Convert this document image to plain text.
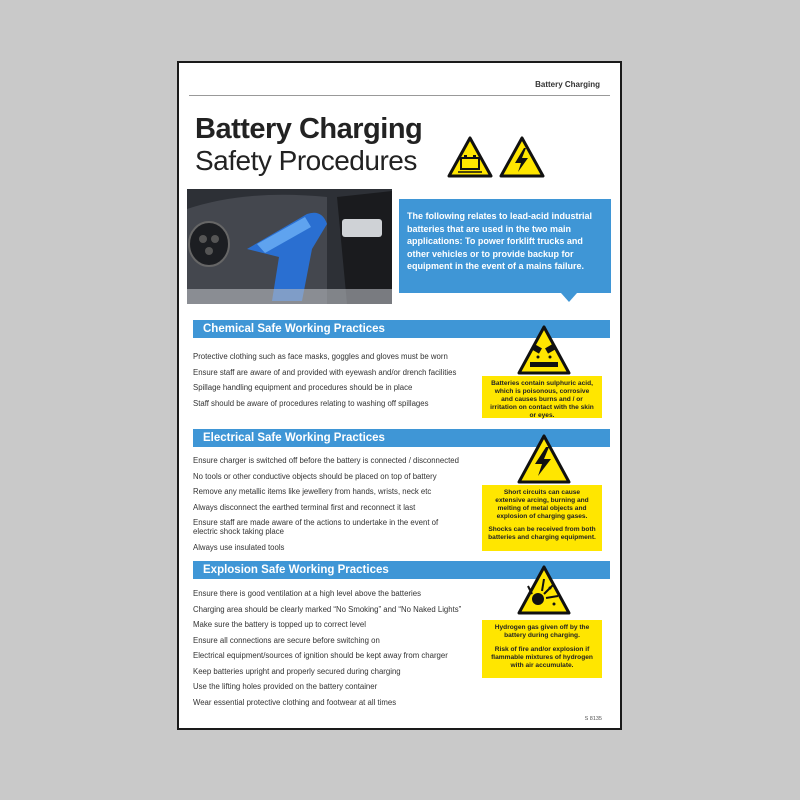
Battery Charging
Battery Charging
Safety Procedures
The following relates to lead-acid industrial batteries that are used in the two main applications: To power forklift trucks and other vehicles or to provide backup for equipment in the event of a mains failure.
Chemical Safe Working Practices
Protective clothing such as face masks, goggles and gloves must be worn
Ensure staff are aware of and provided with eyewash and/or drench facilities
Spillage handling equipment and procedures should be in place
Staff should be aware of procedures relating to washing off spillages

Batteries contain sulphuric acid, which is poisonous, corrosive and causes burns and / or irritation on contact with the skin or eyes.

Electrical Safe Working Practices
Ensure charger is switched off before the battery is connected / disconnected
No tools or other conductive objects should be placed on top of battery
Remove any metallic items like jewellery from hands, wrists, neck etc
Always disconnect the earthed terminal first and reconnect it last
Ensure staff are made aware of the actions to undertake in the event of electric shock taking place
Always use insulated tools

Short circuits can cause extensive arcing, burning and melting of metal objects and explosion of charging gases.

Shocks can be received from both batteries and charging equipment.

Explosion Safe Working Practices
Ensure there is good ventilation at a high level above the batteries
Charging area should be clearly marked “No Smoking” and “No Naked Lights”
Make sure the battery is topped up to correct level
Ensure all connections are secure before switching on
Electrical equipment/sources of ignition should be kept away from charger
Keep batteries upright and properly secured during charging
Use the lifting holes provided on the battery container
Wear essential protective clothing and footwear at all times

Hydrogen gas given off by the battery during charging.

Risk of fire and/or explosion if flammable mixtures of hydrogen with air accumulate.

S 8135
